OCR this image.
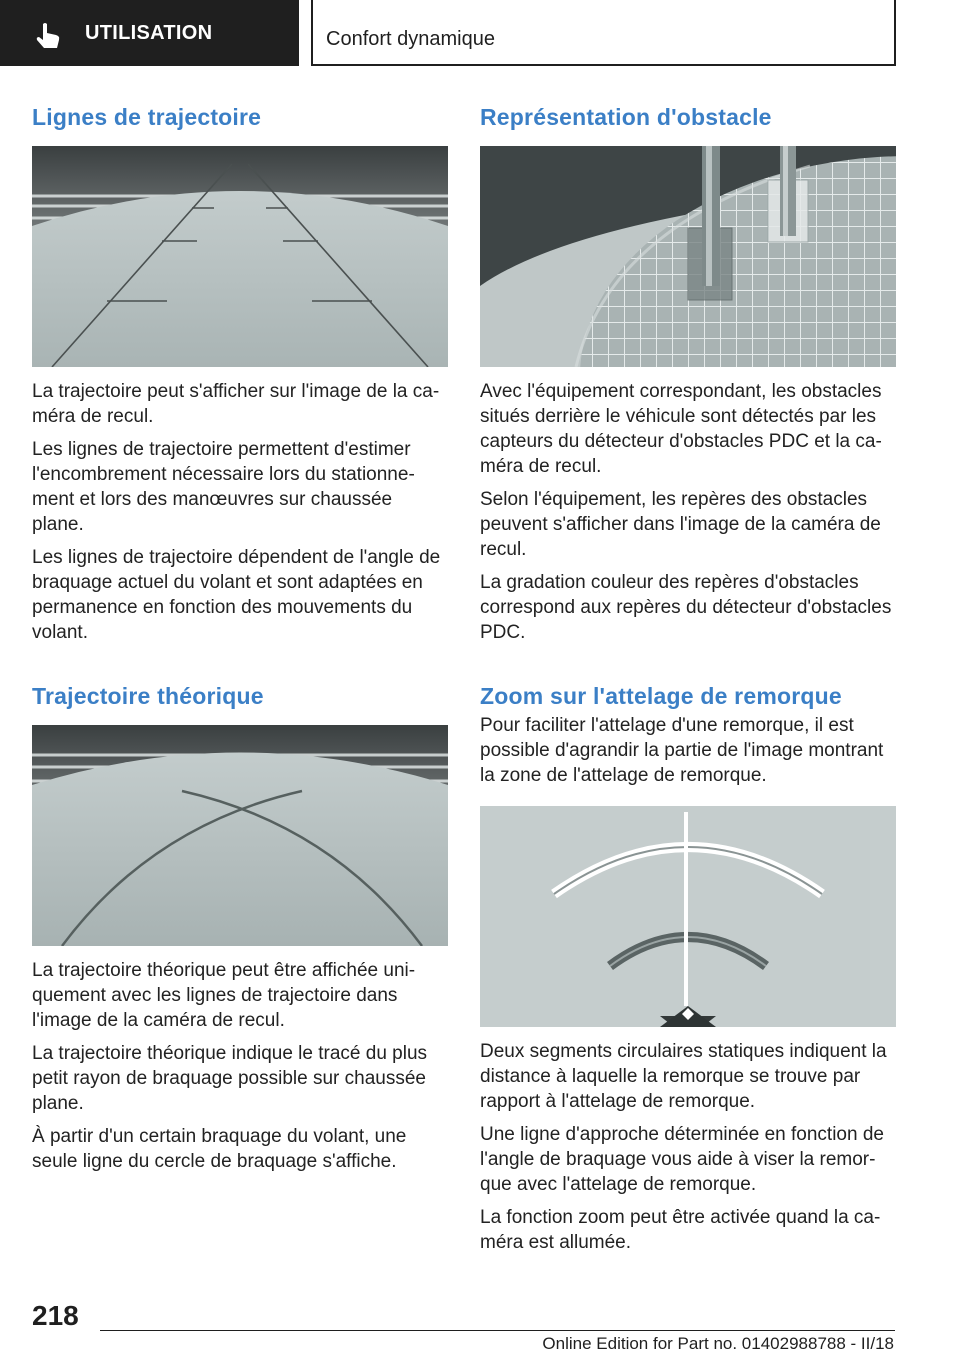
UTILISATION	Confort dynamique
Lignes de trajectoire

La trajectoire peut s'afficher sur l'image de la ca‐ méra de recul.

Les lignes de trajectoire permettent d'estimer l'encombrement nécessaire lors du stationne‐ ment et lors des manœuvres sur chaussée plane.

Les lignes de trajectoire dépendent de l'angle de braquage actuel du volant et sont adaptées en permanence en fonction des mouvements du volant.

Trajectoire théorique

La trajectoire théorique peut être affichée uni‐ quement avec les lignes de trajectoire dans l'image de la caméra de recul.

La trajectoire théorique indique le tracé du plus petit rayon de braquage possible sur chaussée plane.

À partir d'un certain braquage du volant, une seule ligne du cercle de braquage s'affiche.

Représentation d'obstacle

Avec l'équipement correspondant, les obstacles situés derrière le véhicule sont détectés par les capteurs du détecteur d'obstacles PDC et la ca‐ méra de recul.

Selon l'équipement, les repères des obstacles peuvent s'afficher dans l'image de la caméra de recul.

La gradation couleur des repères d'obstacles correspond aux repères du détecteur d'obstacles PDC.

Zoom sur l'attelage de remorque

Pour faciliter l'attelage d'une remorque, il est possible d'agrandir la partie de l'image montrant la zone de l'attelage de remorque.

Deux segments circulaires statiques indiquent la distance à laquelle la remorque se trouve par rapport à l'attelage de remorque.

Une ligne d'approche déterminée en fonction de l'angle de braquage vous aide à viser la remor‐ que avec l'attelage de remorque.

La fonction zoom peut être activée quand la ca‐ méra est allumée.

218
Online Edition for Part no. 01402988788 - II/18
